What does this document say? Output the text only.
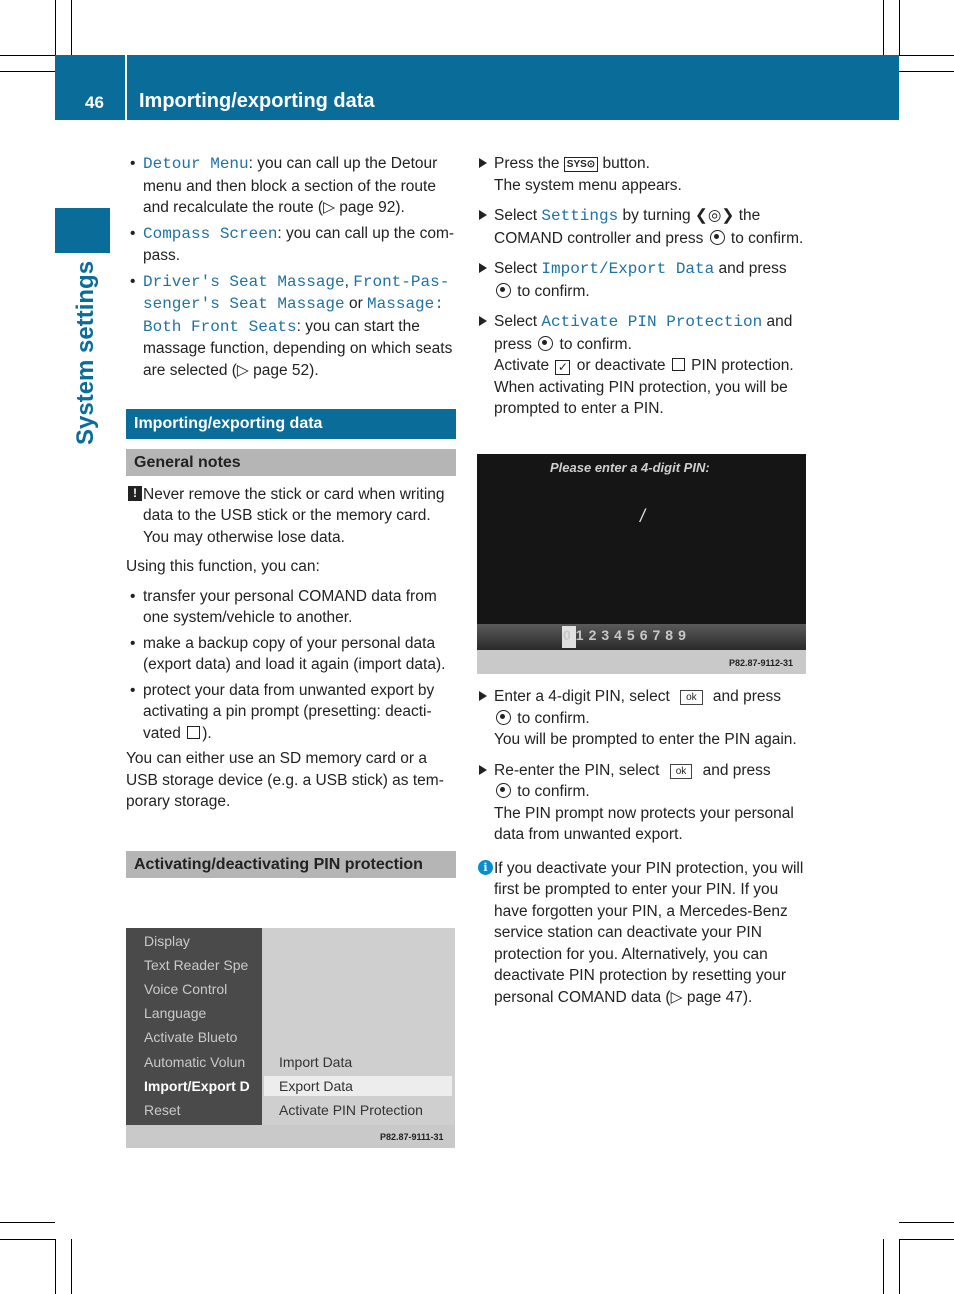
46 Importing/exporting data
System settings
• Detour Menu: you can call up the Detour menu and then block a section of the route and recalculate the route (▷ page 92).
• Compass Screen: you can call up the compass.
• Driver's Seat Massage, Front-Passenger's Seat Massage or Massage: Both Front Seats: you can start the massage function, depending on which seats are selected (▷ page 52).
Importing/exporting data
General notes
! Never remove the stick or card when writing data to the USB stick or the memory card. You may otherwise lose data.

Using this function, you can:

• transfer your personal COMAND data from one system/vehicle to another.
• make a backup copy of your personal data (export data) and load it again (import data).
• protect your data from unwanted export by activating a pin prompt (presetting: deactivated ).

You can either use an SD memory card or a USB storage device (e.g. a USB stick) as temporary storage.

Activating/deactivating PIN protection
Display
Text Reader Spe
Voice Control
Language
Activate Blueto
Automatic Volun
Import/Export D
Reset
Import Data
Export Data
Activate PIN Protection
P82.87-9111-31
Press the SYS⊙ button.
The system menu appears.
Select Settings by turning ❮◎❯ the COMAND controller and press  to confirm.
Select Import/Export Data and press  to confirm.
Select Activate PIN Protection and press  to confirm.
Activate ✓ or deactivate  PIN protection. When activating PIN protection, you will be prompted to enter a PIN.
Please enter a 4-digit PIN:
/
0123456789
P82.87-9112-31
Enter a 4-digit PIN, select ok and press
to confirm.
You will be prompted to enter the PIN again.
Re-enter the PIN, select ok and press
to confirm.
The PIN prompt now protects your personal data from unwanted export.
i If you deactivate your PIN protection, you will first be prompted to enter your PIN. If you have forgotten your PIN, a Mercedes-Benz service station can deactivate your PIN protection for you. Alternatively, you can deactivate PIN protection by resetting your personal COMAND data (▷ page 47).
